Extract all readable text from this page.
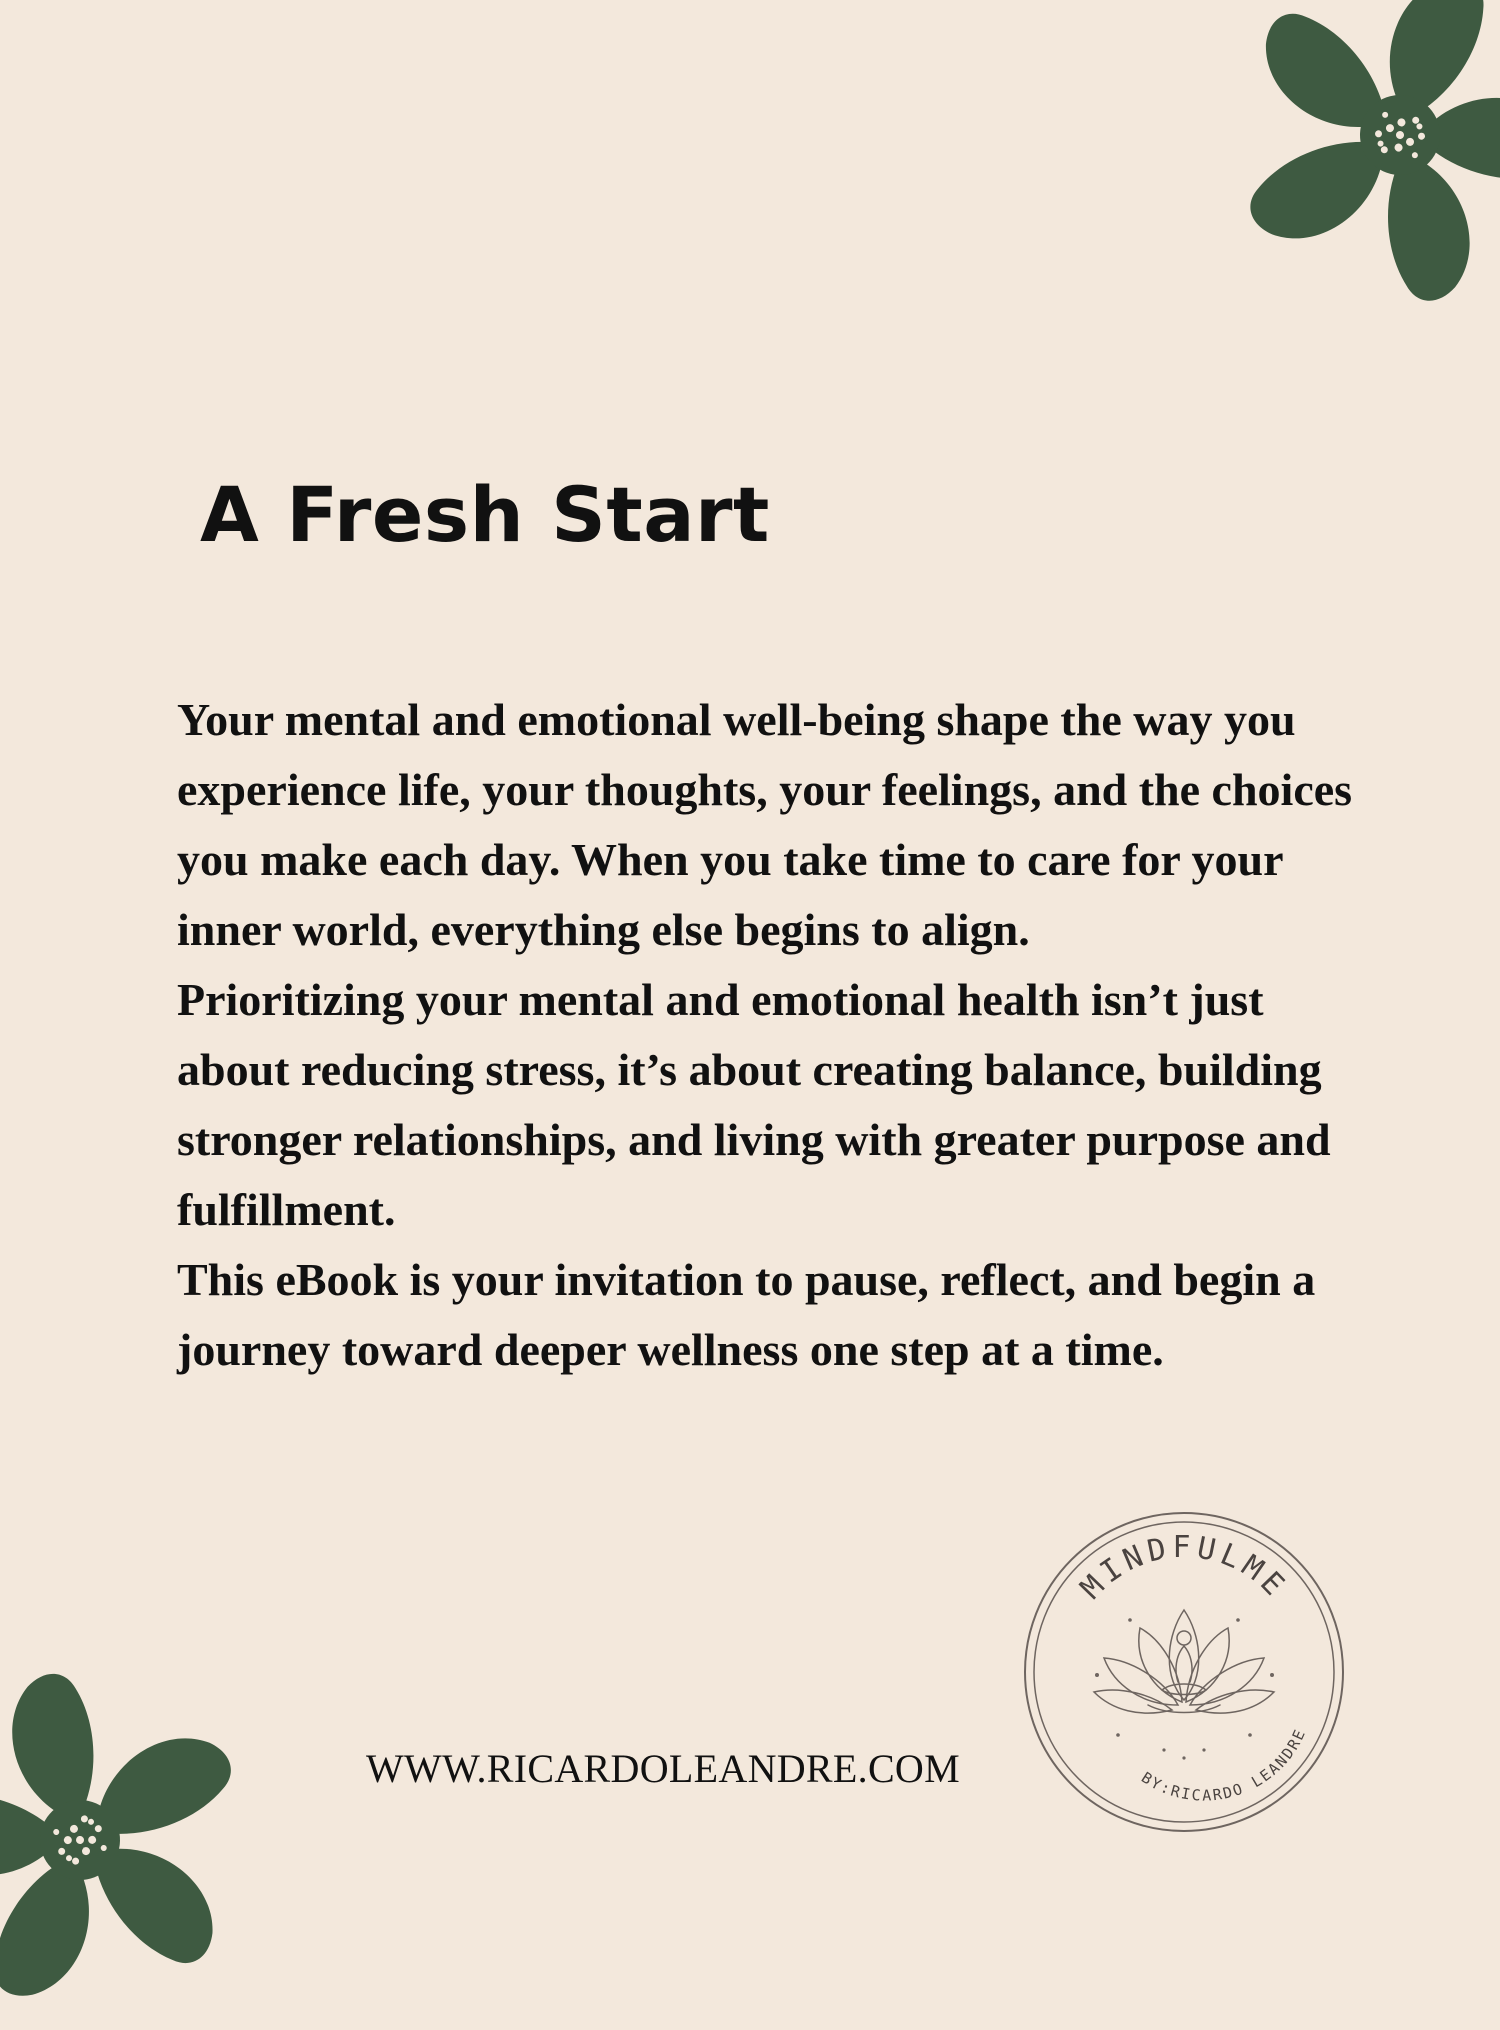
A Fresh Start

Your mental and emotional well-being shape the way you experience life, your thoughts, your feelings, and the choices you make each day. When you take time to care for your inner world, everything else begins to align.

Prioritizing your mental and emotional health isn’t just about reducing stress, it’s about creating balance, building stronger relationships, and living with greater purpose and fulfillment.

This eBook is your invitation to pause, reflect, and begin a journey toward deeper wellness one step at a time.

WWW.RICARDOLEANDRE.COM
MINDFULME
BY:RICARDO LEANDRE
